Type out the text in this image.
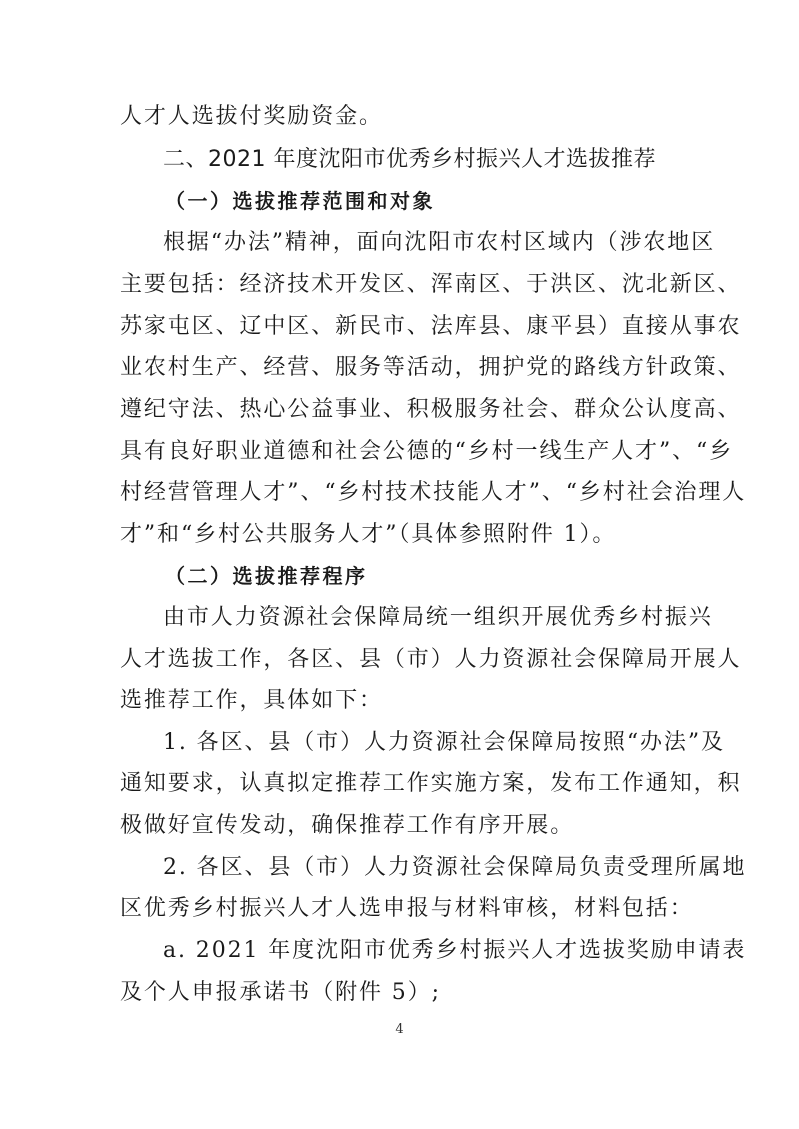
人才人选拔付奖励资金。
二、2021 年度沈阳市优秀乡村振兴人才选拔推荐
（一）选拔推荐范围和对象
根据“办法”精神，面向沈阳市农村区域内（涉农地区
主要包括：经济技术开发区、浑南区、于洪区、沈北新区、
苏家屯区、辽中区、新民市、法库县、康平县）直接从事农
业农村生产、经营、服务等活动，拥护党的路线方针政策、
遵纪守法、热心公益事业、积极服务社会、群众公认度高、
具有良好职业道德和社会公德的“乡村一线生产人才”、“乡
村经营管理人才”、“乡村技术技能人才”、“乡村社会治理人
才”和“乡村公共服务人才”（具体参照附件 1）。
（二）选拔推荐程序
由市人力资源社会保障局统一组织开展优秀乡村振兴
人才选拔工作，各区、县（市）人力资源社会保障局开展人
选推荐工作，具体如下：
1. 各区、县（市）人力资源社会保障局按照“办法”及
通知要求，认真拟定推荐工作实施方案，发布工作通知，积
极做好宣传发动，确保推荐工作有序开展。
2. 各区、县（市）人力资源社会保障局负责受理所属地
区优秀乡村振兴人才人选申报与材料审核，材料包括：
a. 2021 年度沈阳市优秀乡村振兴人才选拔奖励申请表
及个人申报承诺书（附件 5）;
4
